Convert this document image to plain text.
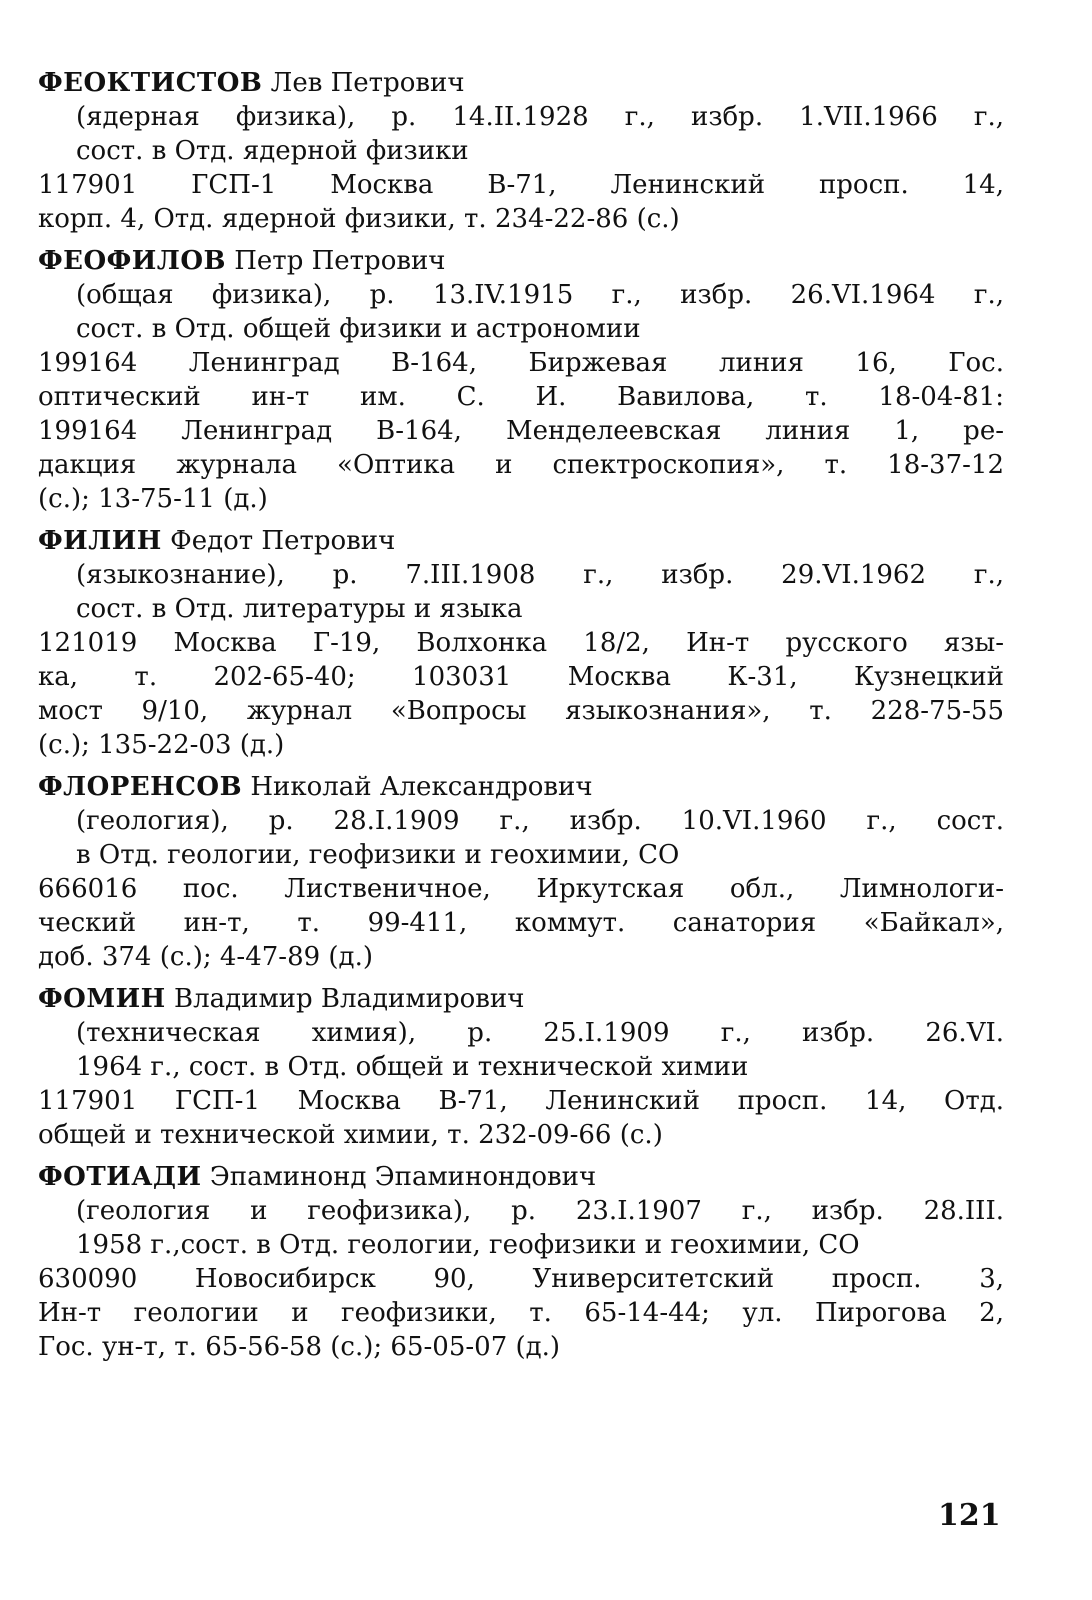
ФЕОКТИСТОВ Лев Петрович
(ядерная физика), р. 14.II.1928 г., избр. 1.VII.1966 г.,
сост. в Отд. ядерной физики
117901 ГСП-1 Москва В-71, Ленинский просп. 14,
корп. 4, Отд. ядерной физики, т. 234-22-86 (с.)
ФЕОФИЛОВ Петр Петрович
(общая физика), р. 13.IV.1915 г., избр. 26.VI.1964 г.,
сост. в Отд. общей физики и астрономии
199164 Ленинград В-164, Биржевая линия 16, Гос.
оптический ин-т им. С. И. Вавилова, т. 18-04-81:
199164 Ленинград В-164, Менделеевская линия 1, ре-
дакция журнала «Оптика и спектроскопия», т. 18-37-12
(с.); 13-75-11 (д.)
ФИЛИН Федот Петрович
(языкознание), р. 7.III.1908 г., избр. 29.VI.1962 г.,
сост. в Отд. литературы и языка
121019 Москва Г-19, Волхонка 18/2, Ин-т русского язы-
ка, т. 202-65-40; 103031 Москва К-31, Кузнецкий
мост 9/10, журнал «Вопросы языкознания», т. 228-75-55
(с.); 135-22-03 (д.)
ФЛОРЕНСОВ Николай Александрович
(геология), р. 28.I.1909 г., избр. 10.VI.1960 г., сост.
в Отд. геологии, геофизики и геохимии, СО
666016 пос. Лиственичное, Иркутская обл., Лимнологи-
ческий ин-т, т. 99-411, коммут. санатория «Байкал»,
доб. 374 (с.); 4-47-89 (д.)
ФОМИН Владимир Владимирович
(техническая химия), р. 25.I.1909 г., избр. 26.VI.
1964 г., сост. в Отд. общей и технической химии
117901 ГСП-1 Москва В-71, Ленинский просп. 14, Отд.
общей и технической химии, т. 232-09-66 (с.)
ФОТИАДИ Эпаминонд Эпаминондович
(геология и геофизика), р. 23.I.1907 г., избр. 28.III.
1958 г.,сост. в Отд. геологии, геофизики и геохимии, СО
630090 Новосибирск 90, Университетский просп. 3,
Ин-т геологии и геофизики, т. 65-14-44; ул. Пирогова 2,
Гос. ун-т, т. 65-56-58 (с.); 65-05-07 (д.)
121
